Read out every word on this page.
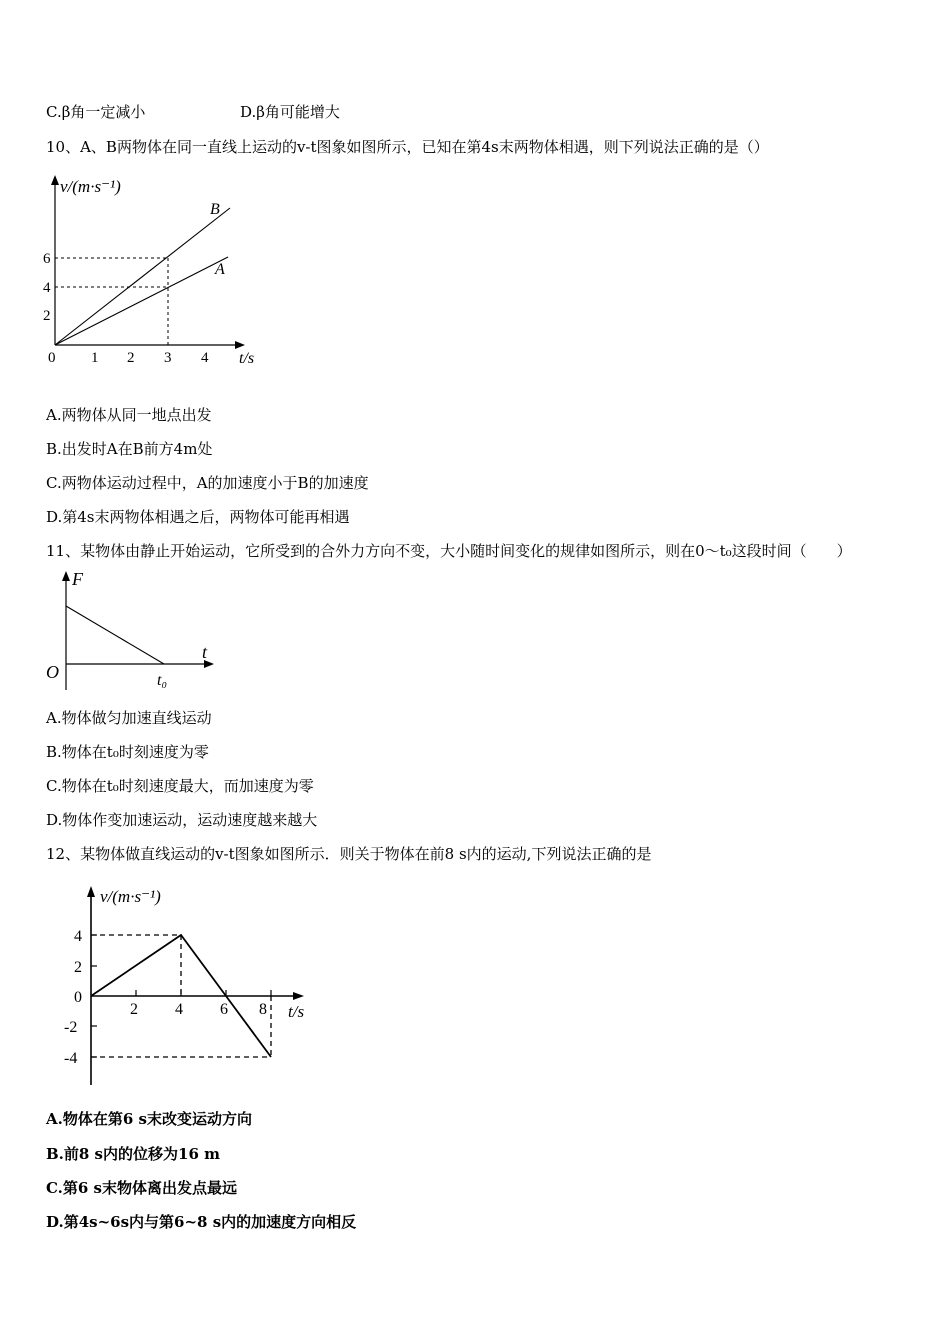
C.β角一定减小	D.β角可能增大
10、A、B两物体在同一直线上运动的v-t图象如图所示，已知在第4s末两物体相遇，则下列说法正确的是（）
v/(m·s⁻¹)
B
A
6
4
2
0 1 2 3 4 t/s
A.两物体从同一地点出发
B.出发时A在B前方4m处
C.两物体运动过程中，A的加速度小于B的加速度
D.第4s末两物体相遇之后，两物体可能再相遇
11、某物体由静止开始运动，它所受到的合外力方向不变，大小随时间变化的规律如图所示，则在0～t₀这段时间（　　）
F
t
O	t₀
A.物体做匀加速直线运动
B.物体在t₀时刻速度为零
C.物体在t₀时刻速度最大，而加速度为零
D.物体作变加速运动，运动速度越来越大
12、某物体做直线运动的v-t图象如图所示．则关于物体在前8 s内的运动,下列说法正确的是
v/(m·s⁻¹)
4
2
0
-2
-4
2 4 6 8 t/s
A.物体在第6 s末改变运动方向
B.前8 s内的位移为16 m
C.第6 s末物体离出发点最远
D.第4s~6s内与第6~8 s内的加速度方向相反
